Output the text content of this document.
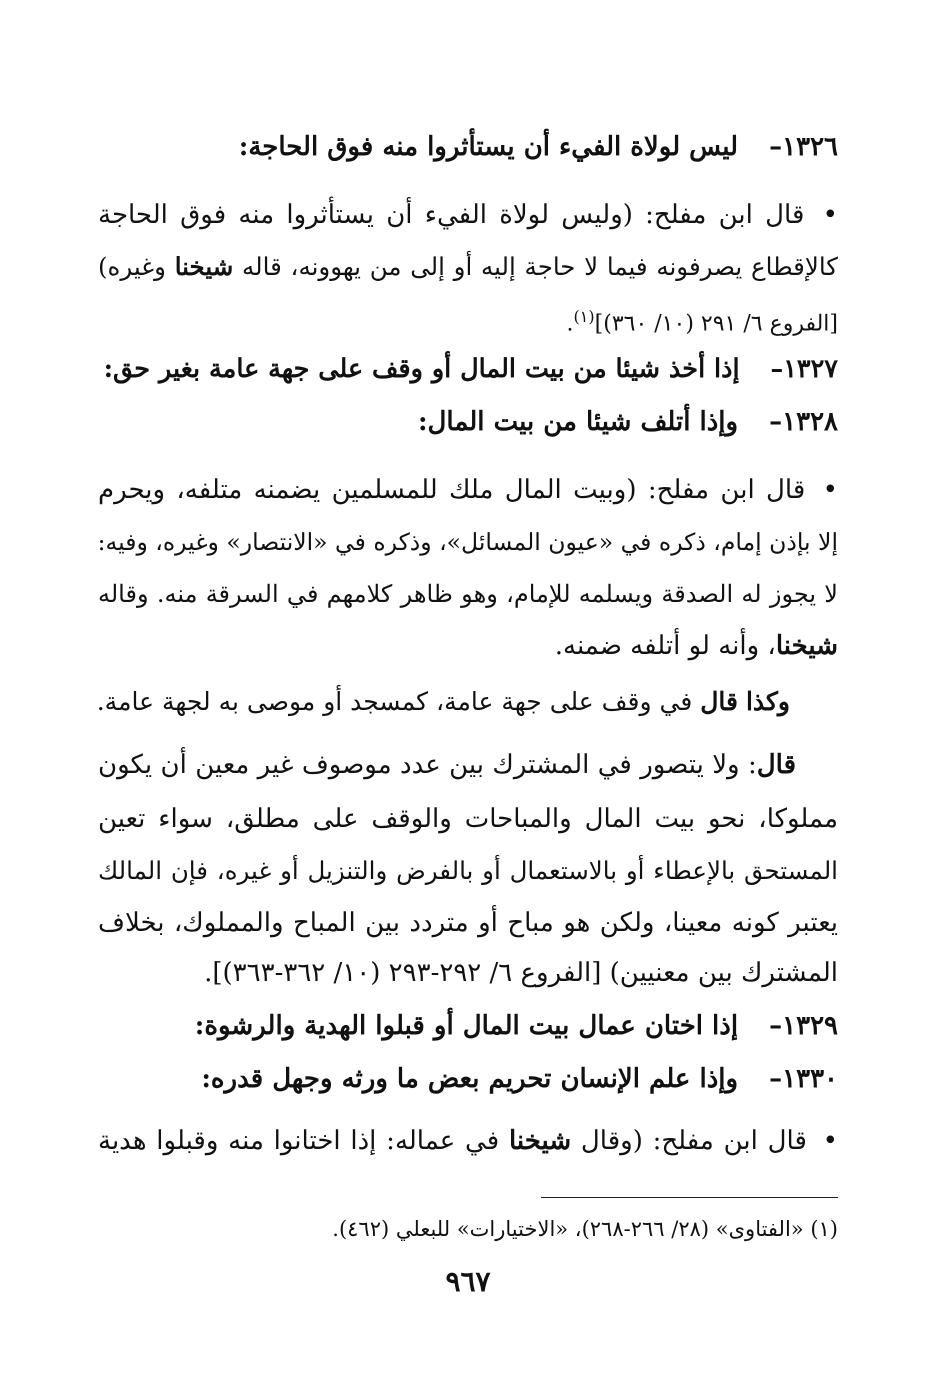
١٣٢٦– ليس لولاة الفيء أن يستأثروا منه فوق الحاجة:
• قال ابن مفلح: (وليس لولاة الفيء أن يستأثروا منه فوق الحاجة
كالإقطاع يصرفونه فيما لا حاجة إليه أو إلى من يهوونه، قاله شيخنا وغيره)
[الفروع ٦/ ٢٩١ (١٠/ ٣٦٠)]$^{(١)}$.
١٣٢٧– إذا أخذ شيئا من بيت المال أو وقف على جهة عامة بغير حق:
١٣٢٨– وإذا أتلف شيئا من بيت المال:
• قال ابن مفلح: (وبيت المال ملك للمسلمين يضمنه متلفه، ويحرم
إلا بإذن إمام، ذكره في «عيون المسائل»، وذكره في «الانتصار» وغيره، وفيه:
لا يجوز له الصدقة ويسلمه للإمام، وهو ظاهر كلامهم في السرقة منه. وقاله
شيخنا، وأنه لو أتلفه ضمنه.
وكذا قال في وقف على جهة عامة، كمسجد أو موصى به لجهة عامة.
قال: ولا يتصور في المشترك بين عدد موصوف غير معين أن يكون
مملوكا، نحو بيت المال والمباحات والوقف على مطلق، سواء تعين
المستحق بالإعطاء أو بالاستعمال أو بالفرض والتنزيل أو غيره، فإن المالك
يعتبر كونه معينا، ولكن هو مباح أو متردد بين المباح والمملوك، بخلاف
المشترك بين معنيين) [الفروع ٦/ ٢٩٢-٢٩٣ (١٠/ ٣٦٢-٣٦٣)].
١٣٢٩– إذا اختان عمال بيت المال أو قبلوا الهدية والرشوة:
١٣٣٠– وإذا علم الإنسان تحريم بعض ما ورثه وجهل قدره:
• قال ابن مفلح: (وقال شيخنا في عماله: إذا اختانوا منه وقبلوا هدية
(١) «الفتاوى» (٢٨/ ٢٦٦-٢٦٨)، «الاختيارات» للبعلي (٤٦٢).
٩٦٧
